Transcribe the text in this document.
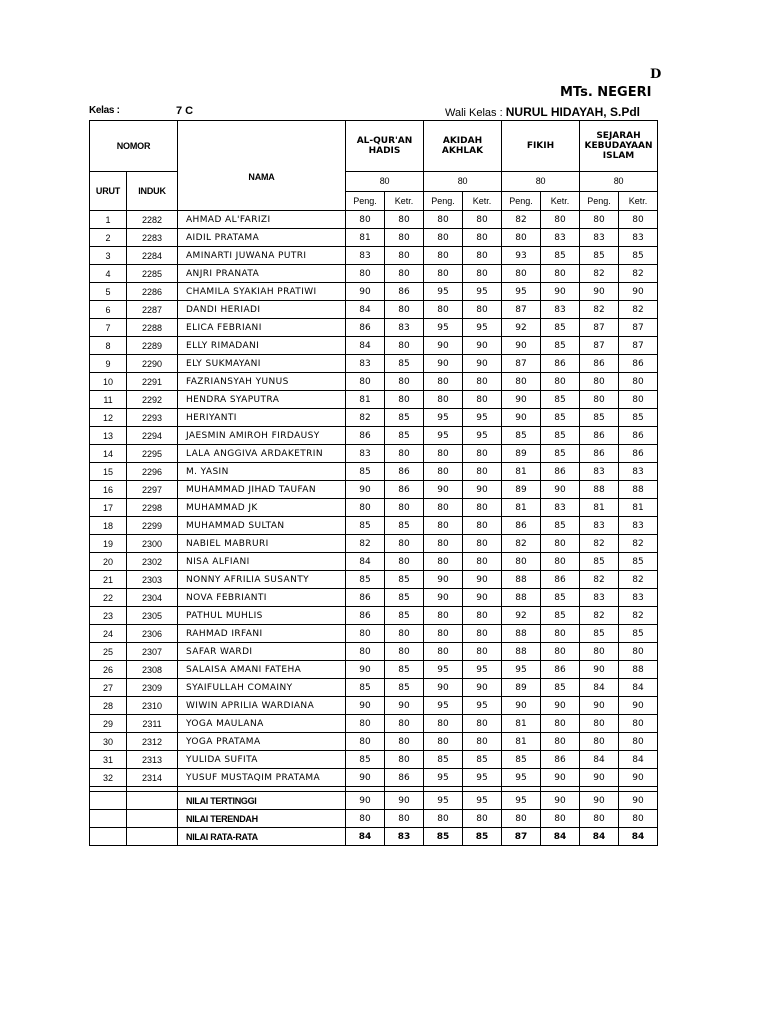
D
MTs. NEGERI
Kelas :	7 C	Wali Kelas : NURUL HIDAYAH, S.Pdl
NOMOR		NAMA	AL-QUR'AN HADIS		AKIDAH AKHLAK		FIKIH		SEJARAH KEBUDAYAAN ISLAM	
URUT	INDUK		80		80		80		80	
			Peng.	Ketr.	Peng.	Ketr.	Peng.	Ketr.	Peng.	Ketr.
1	2282	AHMAD AL'FARIZI	80	80	80	80	82	80	80	80
2	2283	AIDIL PRATAMA	81	80	80	80	80	83	83	83
3	2284	AMINARTI JUWANA PUTRI	83	80	80	80	93	85	85	85
4	2285	ANJRI PRANATA	80	80	80	80	80	80	82	82
5	2286	CHAMILA SYAKIAH PRATIWI	90	86	95	95	95	90	90	90
6	2287	DANDI HERIADI	84	80	80	80	87	83	82	82
7	2288	ELICA FEBRIANI	86	83	95	95	92	85	87	87
8	2289	ELLY RIMADANI	84	80	90	90	90	85	87	87
9	2290	ELY SUKMAYANI	83	85	90	90	87	86	86	86
10	2291	FAZRIANSYAH YUNUS	80	80	80	80	80	80	80	80
11	2292	HENDRA SYAPUTRA	81	80	80	80	90	85	80	80
12	2293	HERIYANTI	82	85	95	95	90	85	85	85
13	2294	JAESMIN AMIROH FIRDAUSY	86	85	95	95	85	85	86	86
14	2295	LALA ANGGIVA ARDAKETRIN	83	80	80	80	89	85	86	86
15	2296	M. YASIN	85	86	80	80	81	86	83	83
16	2297	MUHAMMAD JIHAD TAUFAN	90	86	90	90	89	90	88	88
17	2298	MUHAMMAD JK	80	80	80	80	81	83	81	81
18	2299	MUHAMMAD SULTAN	85	85	80	80	86	85	83	83
19	2300	NABIEL MABRURI	82	80	80	80	82	80	82	82
20	2302	NISA ALFIANI	84	80	80	80	80	80	85	85
21	2303	NONNY AFRILIA SUSANTY	85	85	90	90	88	86	82	82
22	2304	NOVA FEBRIANTI	86	85	90	90	88	85	83	83
23	2305	PATHUL MUHLIS	86	85	80	80	92	85	82	82
24	2306	RAHMAD IRFANI	80	80	80	80	88	80	85	85
25	2307	SAFAR WARDI	80	80	80	80	88	80	80	80
26	2308	SALAISA AMANI FATEHA	90	85	95	95	95	86	90	88
27	2309	SYAIFULLAH COMAINY	85	85	90	90	89	85	84	84
28	2310	WIWIN APRILIA WARDIANA	90	90	95	95	90	90	90	90
29	2311	YOGA MAULANA	80	80	80	80	81	80	80	80
30	2312	YOGA PRATAMA	80	80	80	80	81	80	80	80
31	2313	YULIDA SUFITA	85	80	85	85	85	86	84	84
32	2314	YUSUF MUSTAQIM PRATAMA	90	86	95	95	95	90	90	90

		NILAI TERTINGGI	90	90	95	95	95	90	90	90
		NILAI TERENDAH	80	80	80	80	80	80	80	80
		NILAI RATA-RATA	84	83	85	85	87	84	84	84
